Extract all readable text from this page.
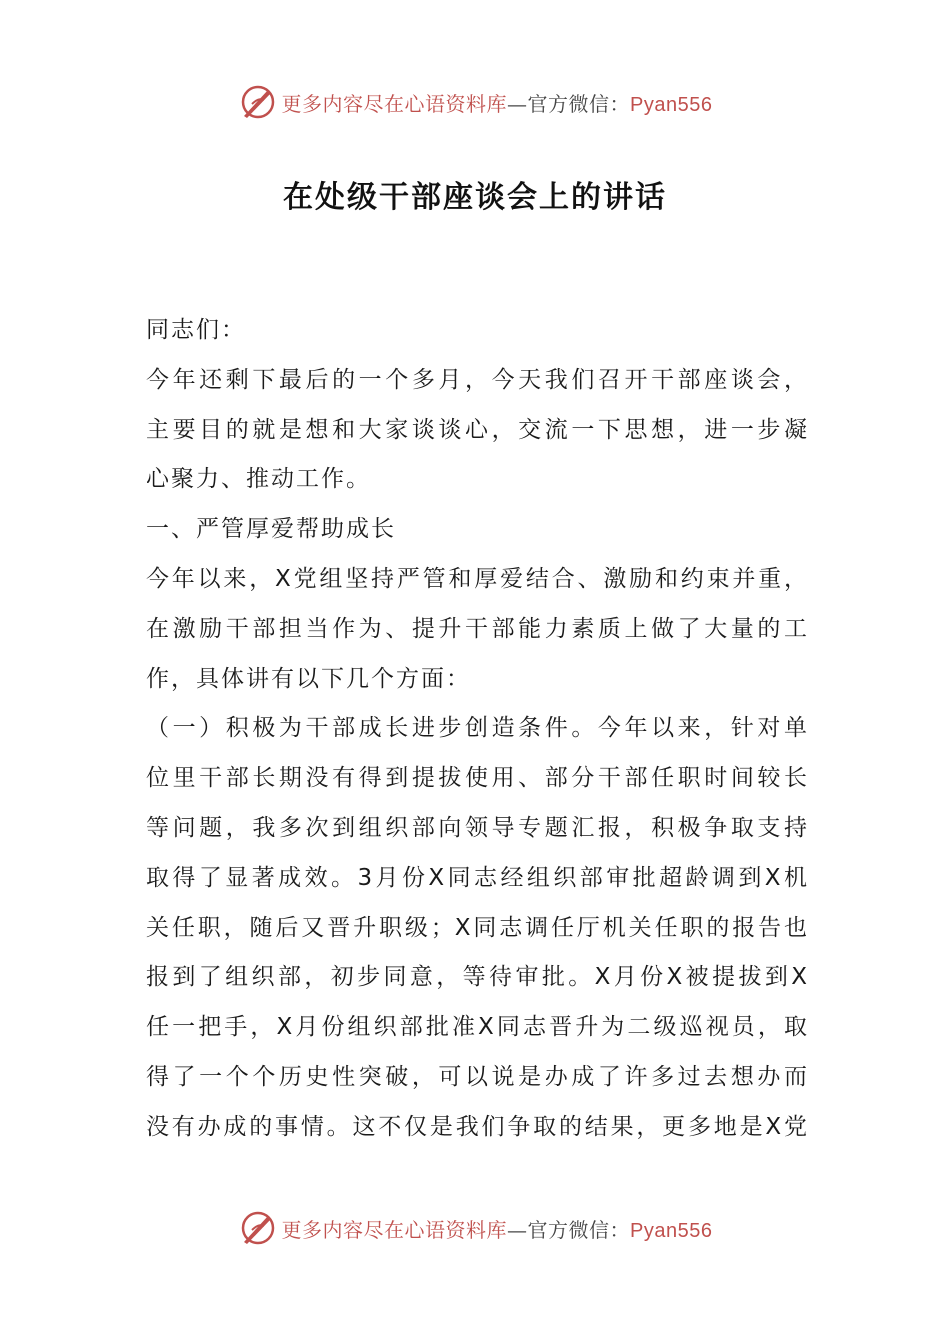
更多内容尽在心语资料库—官方微信：Pyan556
在处级干部座谈会上的讲话
同志们：
今年还剩下最后的一个多月，今天我们召开干部座谈会，
主要目的就是想和大家谈谈心，交流一下思想，进一步凝
心聚力、推动工作。
一、严管厚爱帮助成长
今年以来，X党组坚持严管和厚爱结合、激励和约束并重，
在激励干部担当作为、提升干部能力素质上做了大量的工
作，具体讲有以下几个方面：
（一）积极为干部成长进步创造条件。今年以来，针对单
位里干部长期没有得到提拔使用、部分干部任职时间较长
等问题，我多次到组织部向领导专题汇报，积极争取支持
取得了显著成效。3月份X同志经组织部审批超龄调到X机
关任职，随后又晋升职级；X同志调任厅机关任职的报告也
报到了组织部，初步同意，等待审批。X月份X被提拔到X
任一把手，X月份组织部批准X同志晋升为二级巡视员，取
得了一个个历史性突破，可以说是办成了许多过去想办而
没有办成的事情。这不仅是我们争取的结果，更多地是X党
更多内容尽在心语资料库—官方微信：Pyan556
